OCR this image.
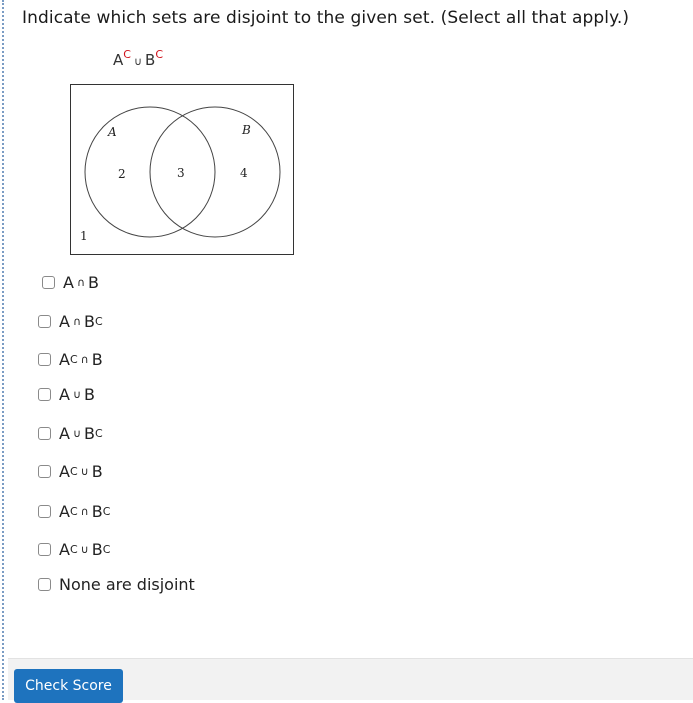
Indicate which sets are disjoint to the given set. (Select all that apply.)
$A^C\cup$ $B^C$
A	B
2	3	4
1
A ∩ B
A ∩ B C
A C ∩ B
A ∪ B
A ∪ B C
A C ∪ B
A C ∩ B C
A C ∪ B C
None are disjoint
Check Score
